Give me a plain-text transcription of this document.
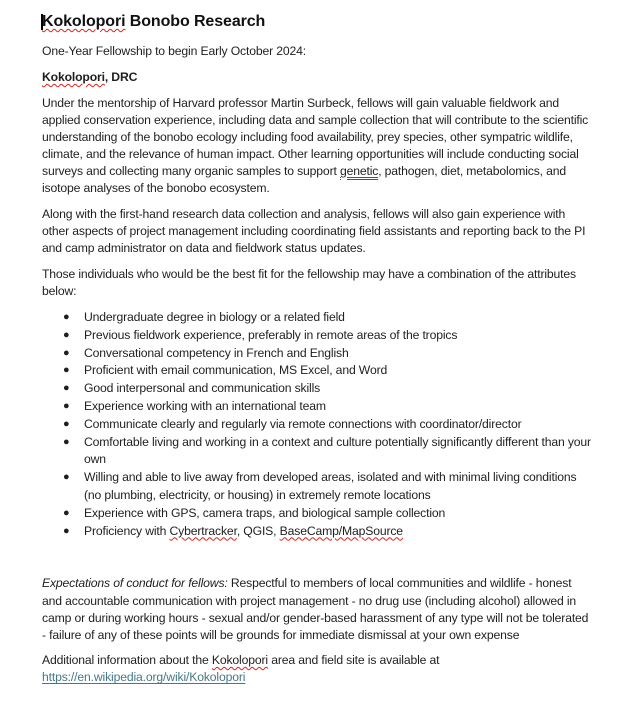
Kokolopori Bonobo Research

One-Year Fellowship to begin Early October 2024:

Kokolopori, DRC

Under the mentorship of Harvard professor Martin Surbeck, fellows will gain valuable fieldwork and applied conservation experience, including data and sample collection that will contribute to the scientific understanding of the bonobo ecology including food availability, prey species, other sympatric wildlife, climate, and the relevance of human impact. Other learning opportunities will include conducting social surveys and collecting many organic samples to support genetic, pathogen, diet, metabolomics, and isotope analyses of the bonobo ecosystem.

Along with the first-hand research data collection and analysis, fellows will also gain experience with other aspects of project management including coordinating field assistants and reporting back to the PI and camp administrator on data and fieldwork status updates.

Those individuals who would be the best fit for the fellowship may have a combination of the attributes below:

● Undergraduate degree in biology or a related field
● Previous fieldwork experience, preferably in remote areas of the tropics
● Conversational competency in French and English
● Proficient with email communication, MS Excel, and Word
● Good interpersonal and communication skills
● Experience working with an international team
● Communicate clearly and regularly via remote connections with coordinator/director
● Comfortable living and working in a context and culture potentially significantly different than your own
● Willing and able to live away from developed areas, isolated and with minimal living conditions (no plumbing, electricity, or housing) in extremely remote locations
● Experience with GPS, camera traps, and biological sample collection
● Proficiency with Cybertracker, QGIS, BaseCamp/MapSource

Expectations of conduct for fellows: Respectful to members of local communities and wildlife - honest and accountable communication with project management - no drug use (including alcohol) allowed in camp or during working hours - sexual and/or gender-based harassment of any type will not be tolerated - failure of any of these points will be grounds for immediate dismissal at your own expense

Additional information about the Kokolopori area and field site is available at
https://en.wikipedia.org/wiki/Kokolopori
